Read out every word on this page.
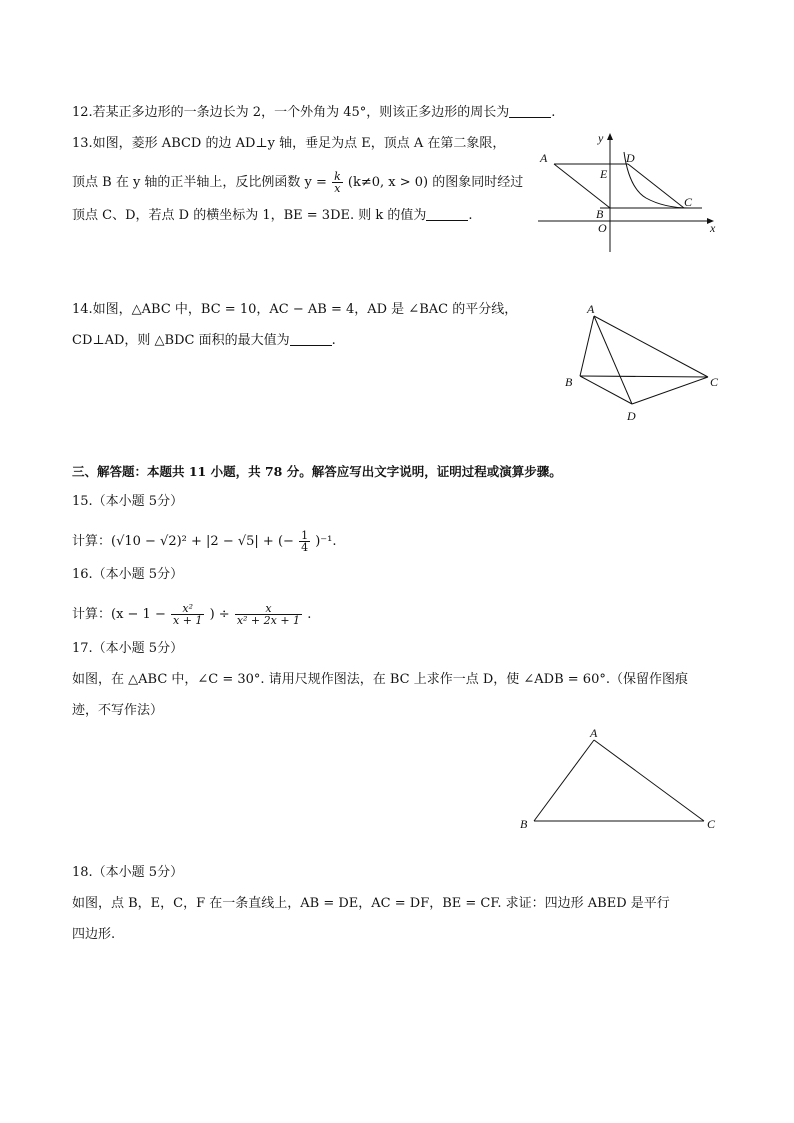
12.若某正多边形的一条边长为 2，一个外角为 45°，则该正多边形的周长为	.
13.如图，菱形 ABCD 的边 AD⊥y 轴，垂足为点 E，顶点 A 在第二象限，
顶点 B 在 y 轴的正半轴上，反比例函数 $y = \frac{k}{x} (k\ne 0$, x > 0) 的图象同时经过
顶点 C、D，若点 D 的横坐标为 1，BE = 3DE. 则 k 的值为	.
y
A	D
E
C
B
O	x
14.如图，△ABC 中，BC = 10，AC − AB = 4，AD 是 ∠BAC 的平分线，
CD⊥AD，则 △BDC 面积的最大值为	.
A
B	C
D
三、解答题：本题共 11 小题，共 78 分。解答应写出文字说明，证明过程或演算步骤。
15.（本小题 5分）
计算：(√10 − √2)² + |2 − √5| + (− $\frac{1}{4} )^{-1}$.
16.（本小题 5分）
计算：($x - 1 - \frac{\text{x²}}{x + 1}$ ) ÷ $\frac{x}{\text{x² + 2x + 1}}$ .
17.（本小题 5分）
如图，在 △ABC 中，∠C = 30°. 请用尺规作图法，在 BC 上求作一点 D，使 ∠ADB = 60°.（保留作图痕
迹，不写作法）
A
B	C
18.（本小题 5分）
如图，点 B，E，C，F 在一条直线上，AB = DE，AC = DF，BE = CF. 求证：四边形 ABED 是平行
四边形.
